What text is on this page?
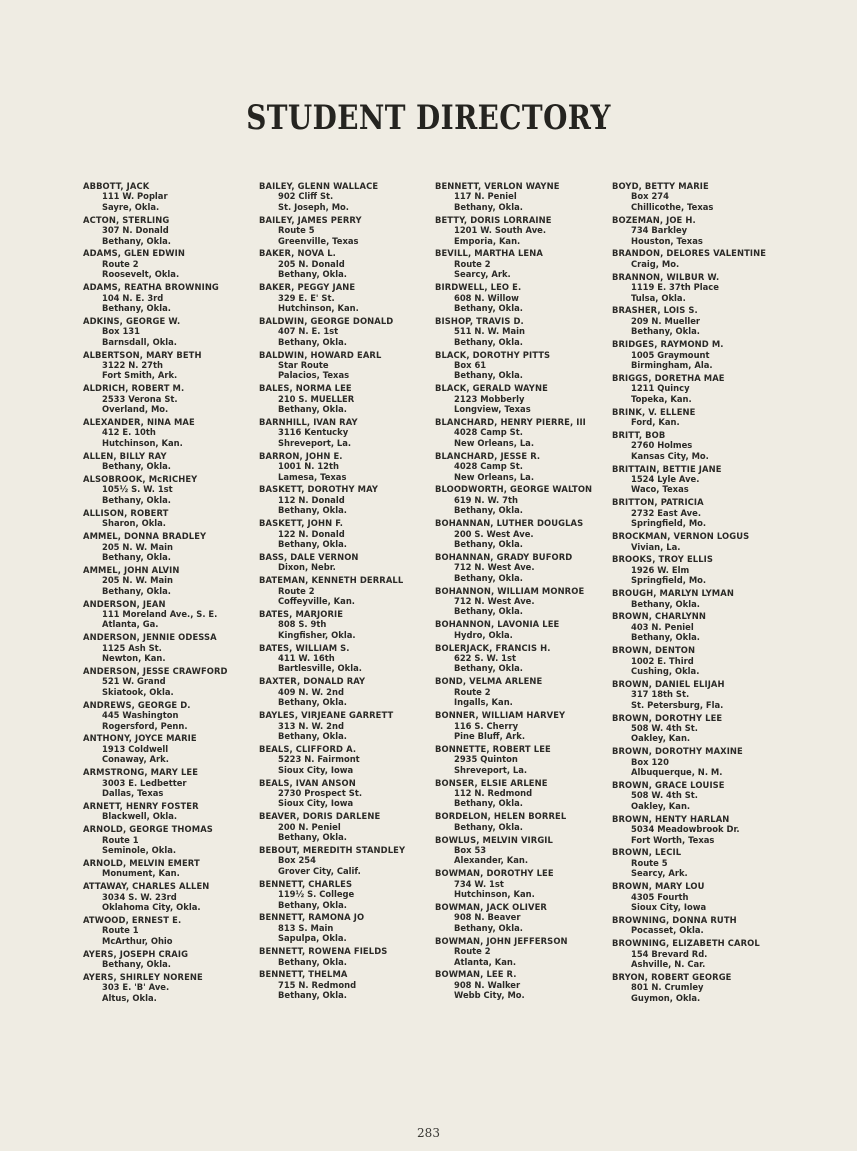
STUDENT DIRECTORY
ABBOTT, JACK
111 W. Poplar
Sayre, Okla.
ACTON, STERLING
307 N. Donald
Bethany, Okla.
ADAMS, GLEN EDWIN
Route 2
Roosevelt, Okla.
ADAMS, REATHA BROWNING
104 N. E. 3rd
Bethany, Okla.
ADKINS, GEORGE W.
Box 131
Barnsdall, Okla.
ALBERTSON, MARY BETH
3122 N. 27th
Fort Smith, Ark.
ALDRICH, ROBERT M.
2533 Verona St.
Overland, Mo.
ALEXANDER, NINA MAE
412 E. 10th
Hutchinson, Kan.
ALLEN, BILLY RAY
Bethany, Okla.
ALSOBROOK, McRICHEY
105½ S. W. 1st
Bethany, Okla.
ALLISON, ROBERT
Sharon, Okla.
AMMEL, DONNA BRADLEY
205 N. W. Main
Bethany, Okla.
AMMEL, JOHN ALVIN
205 N. W. Main
Bethany, Okla.
ANDERSON, JEAN
111 Moreland Ave., S. E.
Atlanta, Ga.
ANDERSON, JENNIE ODESSA
1125 Ash St.
Newton, Kan.
ANDERSON, JESSE CRAWFORD
521 W. Grand
Skiatook, Okla.
ANDREWS, GEORGE D.
445 Washington
Rogersford, Penn.
ANTHONY, JOYCE MARIE
1913 Coldwell
Conaway, Ark.
ARMSTRONG, MARY LEE
3003 E. Ledbetter
Dallas, Texas
ARNETT, HENRY FOSTER
Blackwell, Okla.
ARNOLD, GEORGE THOMAS
Route 1
Seminole, Okla.
ARNOLD, MELVIN EMERT
Monument, Kan.
ATTAWAY, CHARLES ALLEN
3034 S. W. 23rd
Oklahoma City, Okla.
ATWOOD, ERNEST E.
Route 1
McArthur, Ohio
AYERS, JOSEPH CRAIG
Bethany, Okla.
AYERS, SHIRLEY NORENE
303 E. 'B' Ave.
Altus, Okla.
BAILEY, GLENN WALLACE
902 Cliff St.
St. Joseph, Mo.
BAILEY, JAMES PERRY
Route 5
Greenville, Texas
BAKER, NOVA L.
205 N. Donald
Bethany, Okla.
BAKER, PEGGY JANE
329 E. E' St.
Hutchinson, Kan.
BALDWIN, GEORGE DONALD
407 N. E. 1st
Bethany, Okla.
BALDWIN, HOWARD EARL
Star Route
Palacios, Texas
BALES, NORMA LEE
210 S. MUELLER
Bethany, Okla.
BARNHILL, IVAN RAY
3116 Kentucky
Shreveport, La.
BARRON, JOHN E.
1001 N. 12th
Lamesa, Texas
BASKETT, DOROTHY MAY
112 N. Donald
Bethany, Okla.
BASKETT, JOHN F.
122 N. Donald
Bethany, Okla.
BASS, DALE VERNON
Dixon, Nebr.
BATEMAN, KENNETH DERRALL
Route 2
Coffeyville, Kan.
BATES, MARJORIE
808 S. 9th
Kingfisher, Okla.
BATES, WILLIAM S.
411 W. 16th
Bartlesville, Okla.
BAXTER, DONALD RAY
409 N. W. 2nd
Bethany, Okla.
BAYLES, VIRJEANE GARRETT
313 N. W. 2nd
Bethany, Okla.
BEALS, CLIFFORD A.
5223 N. Fairmont
Sioux City, Iowa
BEALS, IVAN ANSON
2730 Prospect St.
Sioux City, Iowa
BEAVER, DORIS DARLENE
200 N. Peniel
Bethany, Okla.
BEBOUT, MEREDITH STANDLEY
Box 254
Grover City, Calif.
BENNETT, CHARLES
119½ S. College
Bethany, Okla.
BENNETT, RAMONA JO
813 S. Main
Sapulpa, Okla.
BENNETT, ROWENA FIELDS
Bethany, Okla.
BENNETT, THELMA
715 N. Redmond
Bethany, Okla.
BENNETT, VERLON WAYNE
117 N. Peniel
Bethany, Okla.
BETTY, DORIS LORRAINE
1201 W. South Ave.
Emporia, Kan.
BEVILL, MARTHA LENA
Route 2
Searcy, Ark.
BIRDWELL, LEO E.
608 N. Willow
Bethany, Okla.
BISHOP, TRAVIS D.
511 N. W. Main
Bethany, Okla.
BLACK, DOROTHY PITTS
Box 61
Bethany, Okla.
BLACK, GERALD WAYNE
2123 Mobberly
Longview, Texas
BLANCHARD, HENRY PIERRE, III
4028 Camp St.
New Orleans, La.
BLANCHARD, JESSE R.
4028 Camp St.
New Orleans, La.
BLOODWORTH, GEORGE WALTON
619 N. W. 7th
Bethany, Okla.
BOHANNAN, LUTHER DOUGLAS
200 S. West Ave.
Bethany, Okla.
BOHANNAN, GRADY BUFORD
712 N. West Ave.
Bethany, Okla.
BOHANNON, WILLIAM MONROE
712 N. West Ave.
Bethany, Okla.
BOHANNON, LAVONIA LEE
Hydro, Okla.
BOLERJACK, FRANCIS H.
622 S. W. 1st
Bethany, Okla.
BOND, VELMA ARLENE
Route 2
Ingalls, Kan.
BONNER, WILLIAM HARVEY
116 S. Cherry
Pine Bluff, Ark.
BONNETTE, ROBERT LEE
2935 Quinton
Shreveport, La.
BONSER, ELSIE ARLENE
112 N. Redmond
Bethany, Okla.
BORDELON, HELEN BORREL
Bethany, Okla.
BOWLUS, MELVIN VIRGIL
Box 53
Alexander, Kan.
BOWMAN, DOROTHY LEE
734 W. 1st
Hutchinson, Kan.
BOWMAN, JACK OLIVER
908 N. Beaver
Bethany, Okla.
BOWMAN, JOHN JEFFERSON
Route 2
Atlanta, Kan.
BOWMAN, LEE R.
908 N. Walker
Webb City, Mo.
BOYD, BETTY MARIE
Box 274
Chillicothe, Texas
BOZEMAN, JOE H.
734 Barkley
Houston, Texas
BRANDON, DELORES VALENTINE
Craig, Mo.
BRANNON, WILBUR W.
1119 E. 37th Place
Tulsa, Okla.
BRASHER, LOIS S.
209 N. Mueller
Bethany, Okla.
BRIDGES, RAYMOND M.
1005 Graymount
Birmingham, Ala.
BRIGGS, DORETHA MAE
1211 Quincy
Topeka, Kan.
BRINK, V. ELLENE
Ford, Kan.
BRITT, BOB
2760 Holmes
Kansas City, Mo.
BRITTAIN, BETTIE JANE
1524 Lyle Ave.
Waco, Texas
BRITTON, PATRICIA
2732 East Ave.
Springfield, Mo.
BROCKMAN, VERNON LOGUS
Vivian, La.
BROOKS, TROY ELLIS
1926 W. Elm
Springfield, Mo.
BROUGH, MARLYN LYMAN
Bethany, Okla.
BROWN, CHARLYNN
403 N. Peniel
Bethany, Okla.
BROWN, DENTON
1002 E. Third
Cushing, Okla.
BROWN, DANIEL ELIJAH
317 18th St.
St. Petersburg, Fla.
BROWN, DOROTHY LEE
508 W. 4th St.
Oakley, Kan.
BROWN, DOROTHY MAXINE
Box 120
Albuquerque, N. M.
BROWN, GRACE LOUISE
508 W. 4th St.
Oakley, Kan.
BROWN, HENTY HARLAN
5034 Meadowbrook Dr.
Fort Worth, Texas
BROWN, LECIL
Route 5
Searcy, Ark.
BROWN, MARY LOU
4305 Fourth
Sioux City, Iowa
BROWNING, DONNA RUTH
Pocasset, Okla.
BROWNING, ELIZABETH CAROL
154 Brevard Rd.
Ashville, N. Car.
BRYON, ROBERT GEORGE
801 N. Crumley
Guymon, Okla.
283
